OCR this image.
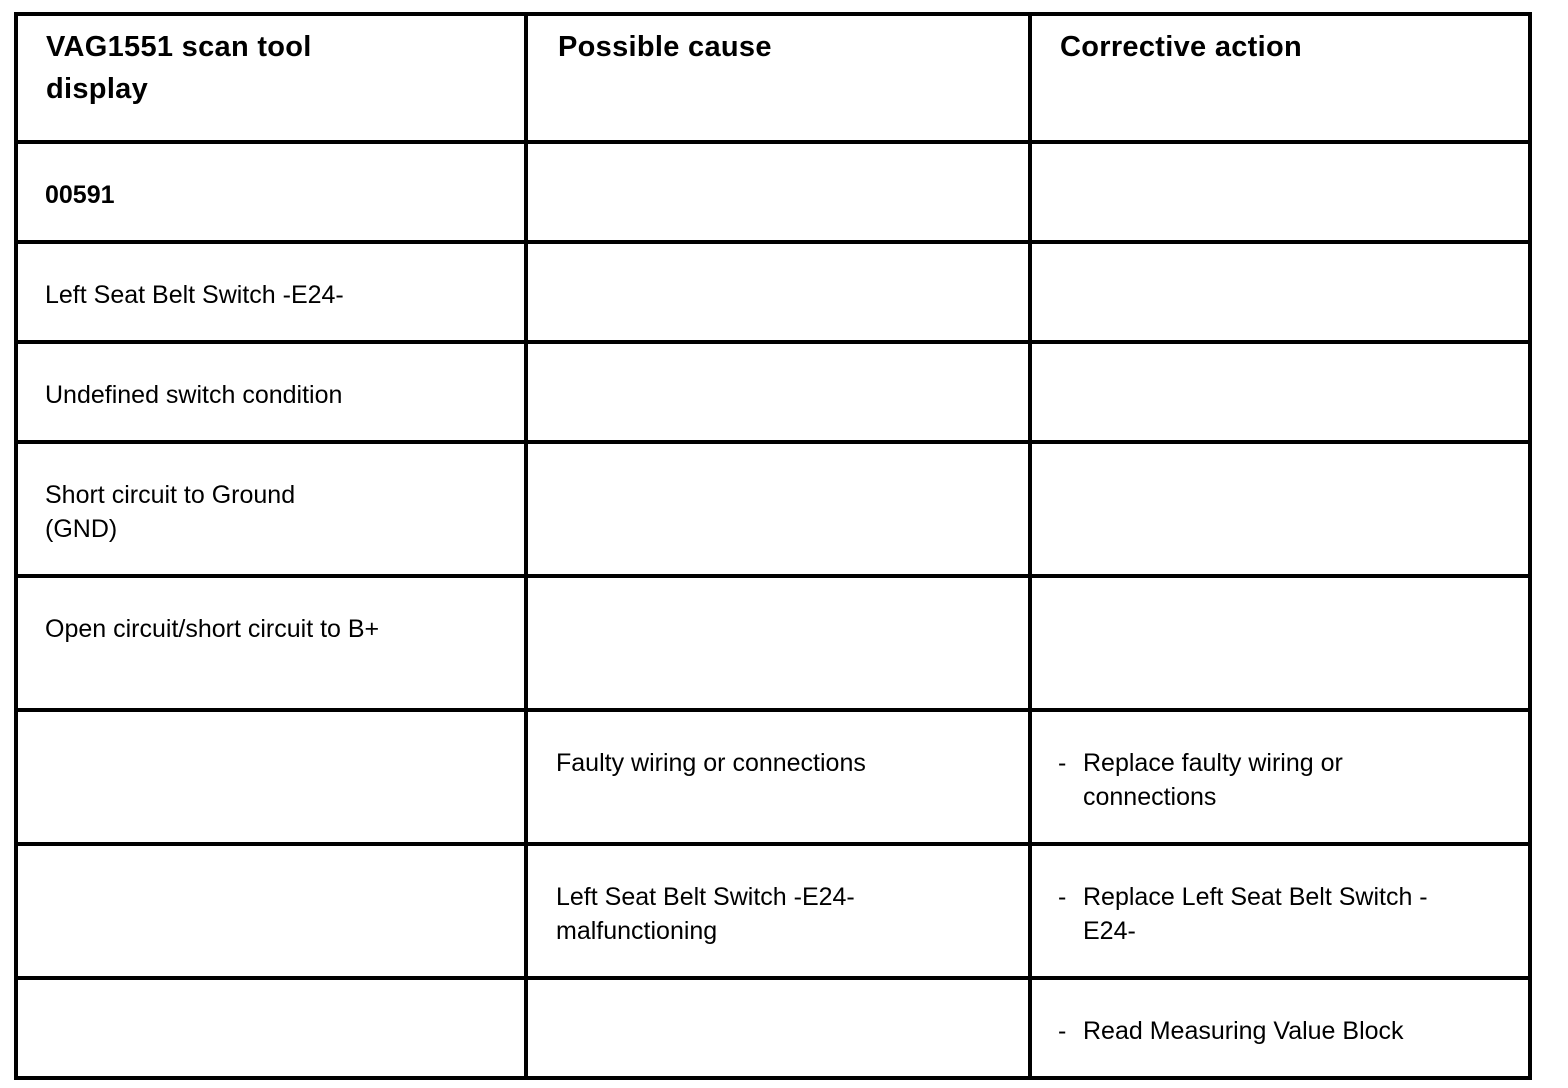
VAG1551 scan tool display	Possible cause	Corrective action

00591		

Left Seat Belt Switch -E24-		

Undefined switch condition		

Short circuit to Ground (GND)		

Open circuit/short circuit to B+		

	Faulty wiring or connections	- Replace faulty wiring or connections

	Left Seat Belt Switch -E24- malfunctioning	- Replace Left Seat Belt Switch -E24-

		- Read Measuring Value Block
